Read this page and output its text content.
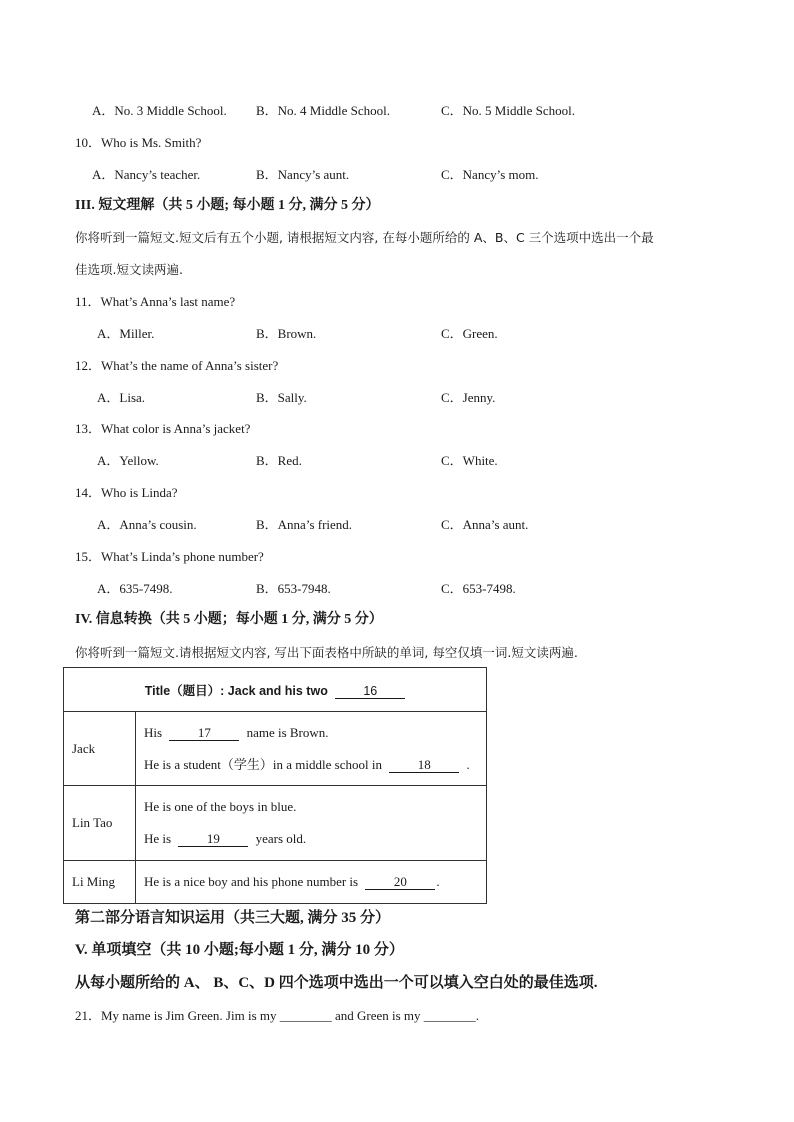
A．No. 3 Middle School. B．No. 4 Middle School.	C．No. 5 Middle School.
10．Who is Ms. Smith?
A．Nancy’s teacher.	B．Nancy’s aunt.	C．Nancy’s mom.
III. 短文理解（共 5 小题; 每小题 1 分, 满分 5 分）
你将听到一篇短文.短文后有五个小题, 请根据短文内容, 在每小题所给的 A、B、C 三个选项中选出一个最
佳选项.短文读两遍.
11．What’s Anna’s last name?
A．Miller.	B．Brown.	C．Green.
12．What’s the name of Anna’s sister?
A．Lisa.	B．Sally.	C．Jenny.
13．What color is Anna’s jacket?
A．Yellow.	B．Red.	C．White.
14．Who is Linda?
A．Anna’s cousin.	B．Anna’s friend.	C．Anna’s aunt.
15．What’s Linda’s phone number?
A．635-7498.	B．653-7948.	C．653-7498.
IV. 信息转换（共 5 小题；每小题 1 分, 满分 5 分）
你将听到一篇短文.请根据短文内容, 写出下面表格中所缺的单词, 每空仅填一词.短文读两遍.
Title（题目）: Jack and his two 16	
Jack	His 17 name is Brown.
He is a student（学生）in a middle school in 18 .

Lin Tao	He is one of the boys in blue.
He is 19 years old.

Li Ming	He is a nice boy and his phone number is 20 .
第二部分语言知识运用（共三大题, 满分 35 分）
V. 单项填空（共 10 小题;每小题 1 分, 满分 10 分）
从每小题所给的 A、 B、C、D 四个选项中选出一个可以填入空白处的最佳选项.
21．My name is Jim Green. Jim is my ________ and Green is my ________.
